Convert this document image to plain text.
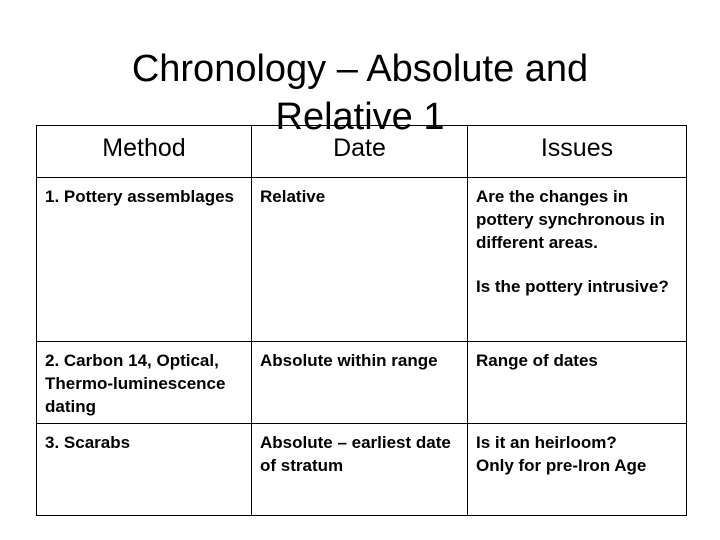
Chronology – Absolute and
Relative 1
Method	Date	Issues
1. Pottery assemblages	Relative	Are the changes in pottery synchronous in different areas.
Is the pottery intrusive?

2. Carbon 14, Optical, Thermo-luminescence dating	Absolute within range	Range of dates
3. Scarabs	Absolute – earliest date of stratum	Is it an heirloom?
Only for pre-Iron Age
